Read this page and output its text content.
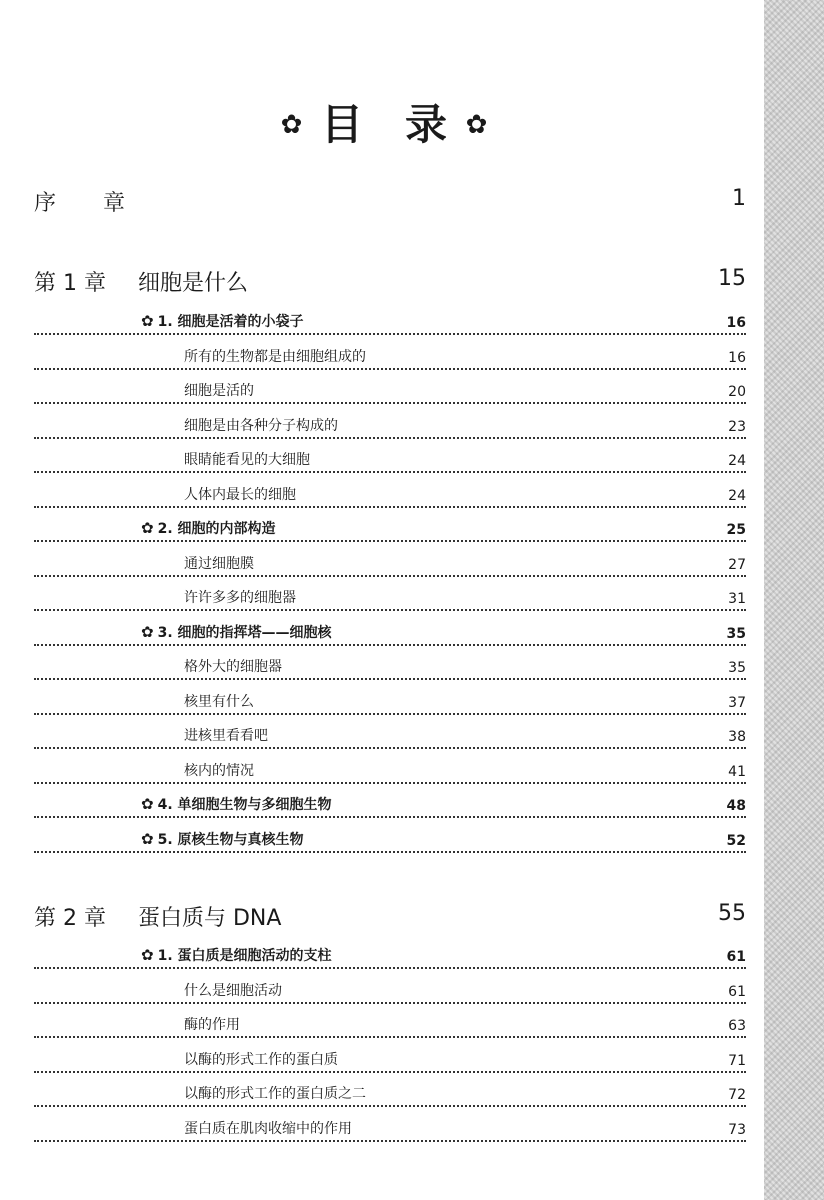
✿ 目 录 ✿
序 章	1
第 1 章 细胞是什么	15
✿ 1. 细胞是活着的小袋子	16
所有的生物都是由细胞组成的	16
细胞是活的	20
细胞是由各种分子构成的	23
眼睛能看见的大细胞	24
人体内最长的细胞	24
✿ 2. 细胞的内部构造	25
通过细胞膜	27
许许多多的细胞器	31
✿ 3. 细胞的指挥塔——细胞核	35
格外大的细胞器	35
核里有什么	37
进核里看看吧	38
核内的情况	41
✿ 4. 单细胞生物与多细胞生物	48
✿ 5. 原核生物与真核生物	52
第 2 章 蛋白质与 DNA	55
✿ 1. 蛋白质是细胞活动的支柱	61
什么是细胞活动	61
酶的作用	63
以酶的形式工作的蛋白质	71
以酶的形式工作的蛋白质之二	72
蛋白质在肌肉收缩中的作用	73
